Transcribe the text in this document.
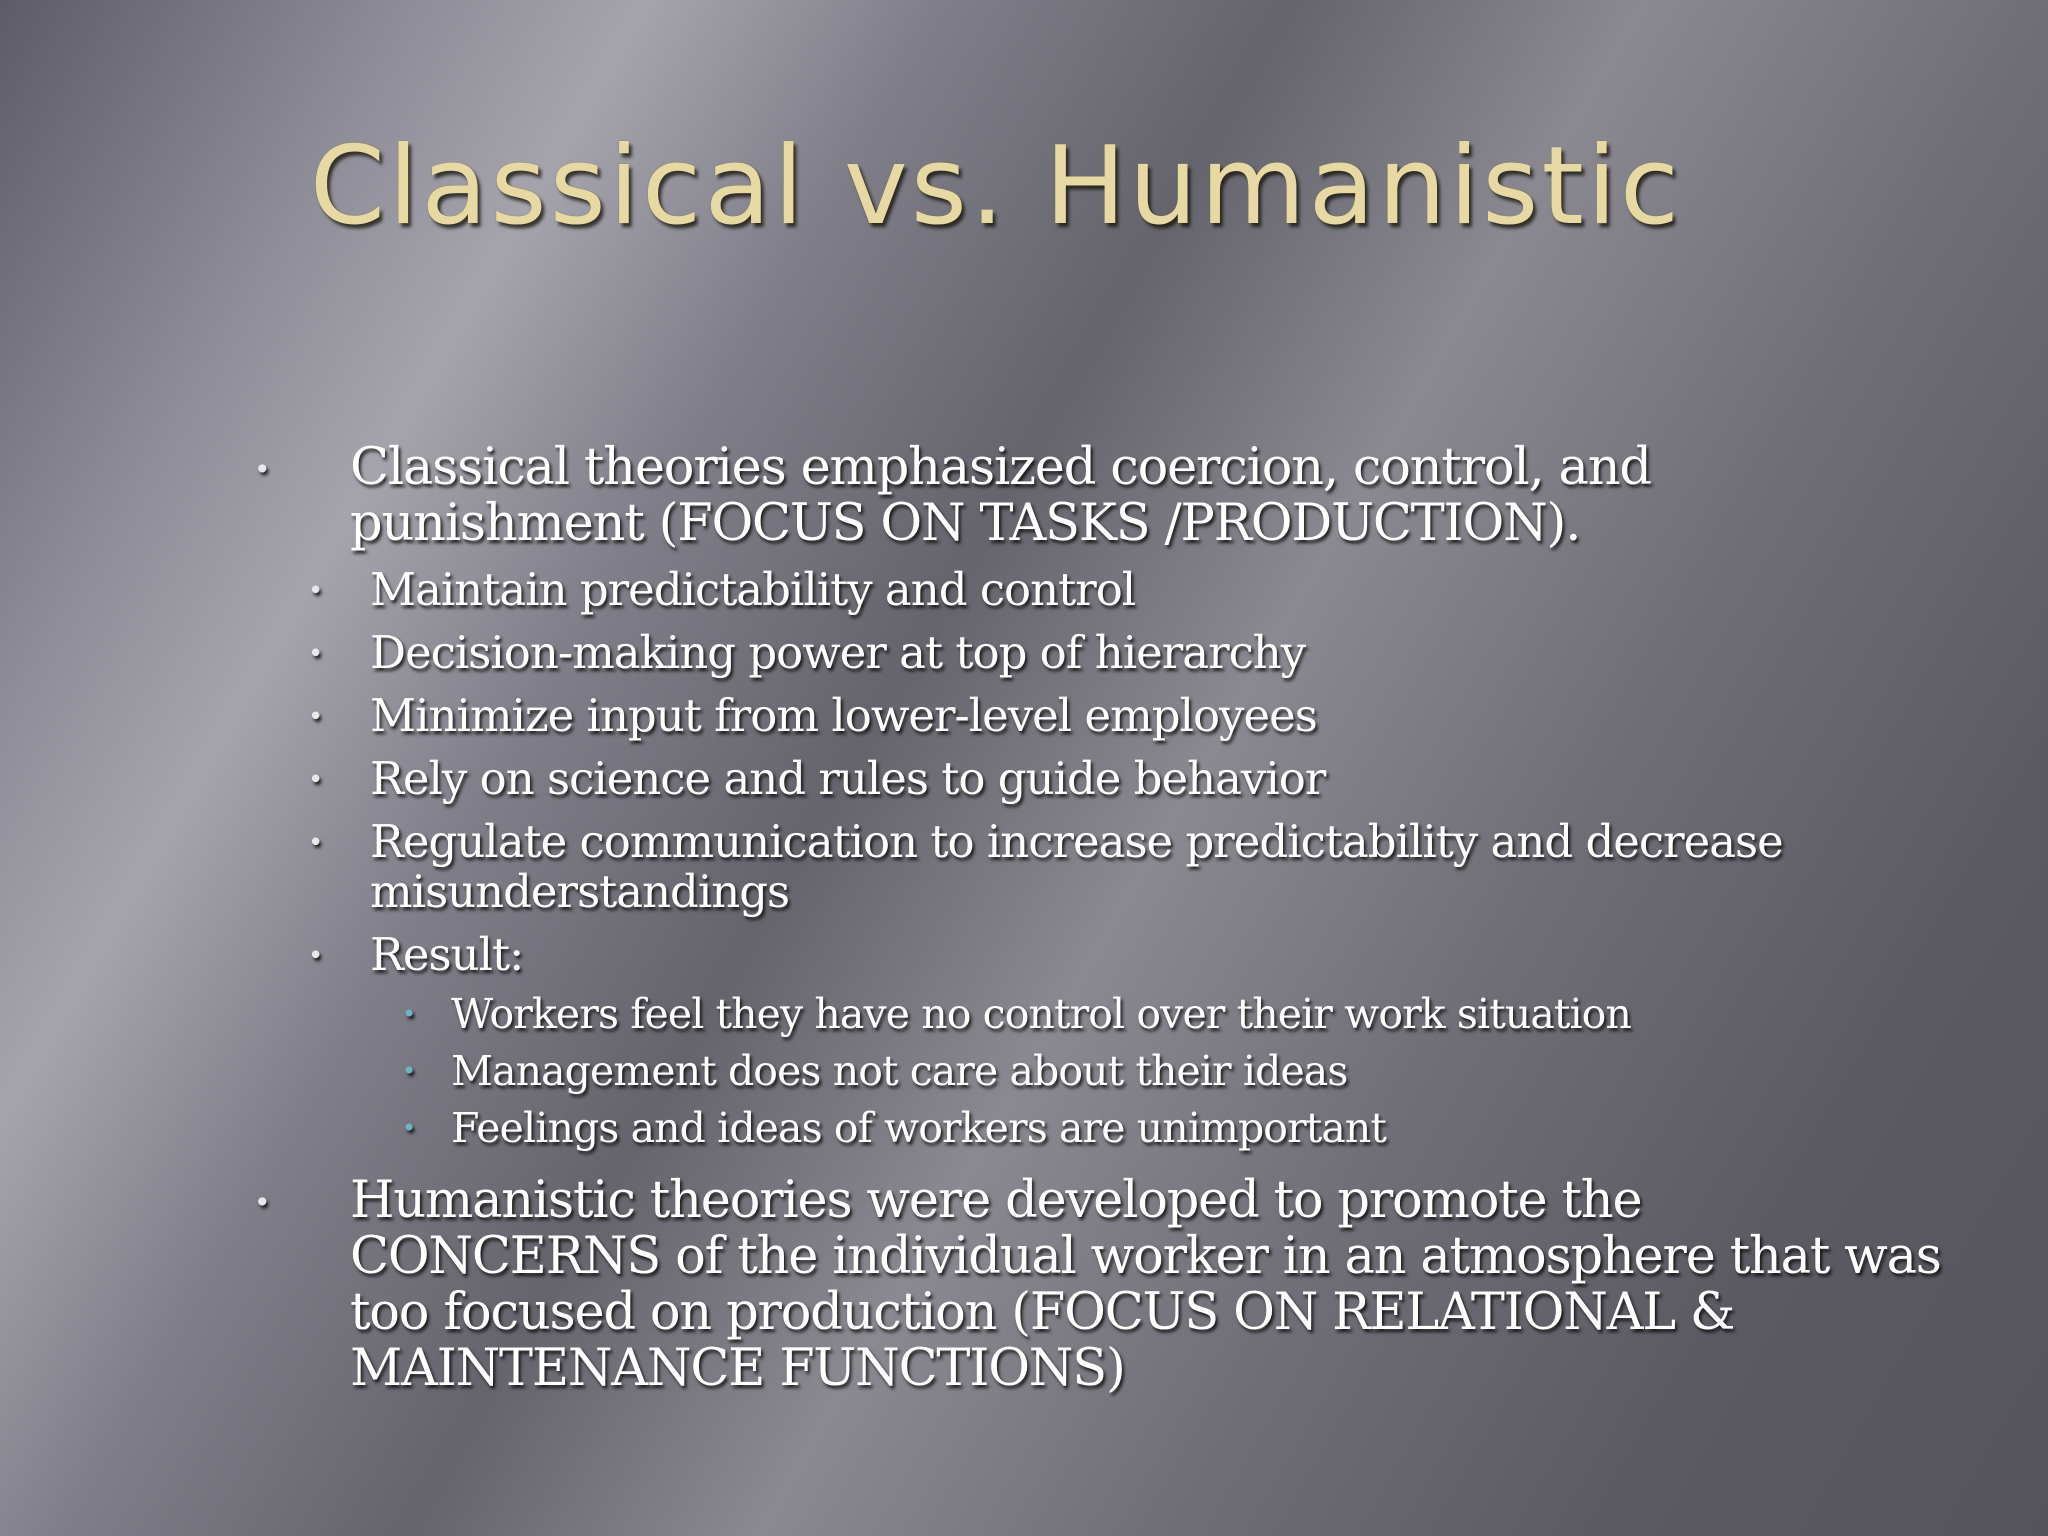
Classical vs. Humanistic
• Classical theories emphasized coercion, control, and punishment (FOCUS ON TASKS /PRODUCTION).
• Maintain predictability and control
• Decision-making power at top of hierarchy
• Minimize input from lower-level employees
• Rely on science and rules to guide behavior
• Regulate communication to increase predictability and decrease misunderstandings
• Result:
• Workers feel they have no control over their work situation
• Management does not care about their ideas
• Feelings and ideas of workers are unimportant
• Humanistic theories were developed to promote the CONCERNS of the individual worker in an atmosphere that was too focused on production (FOCUS ON RELATIONAL & MAINTENANCE FUNCTIONS)
